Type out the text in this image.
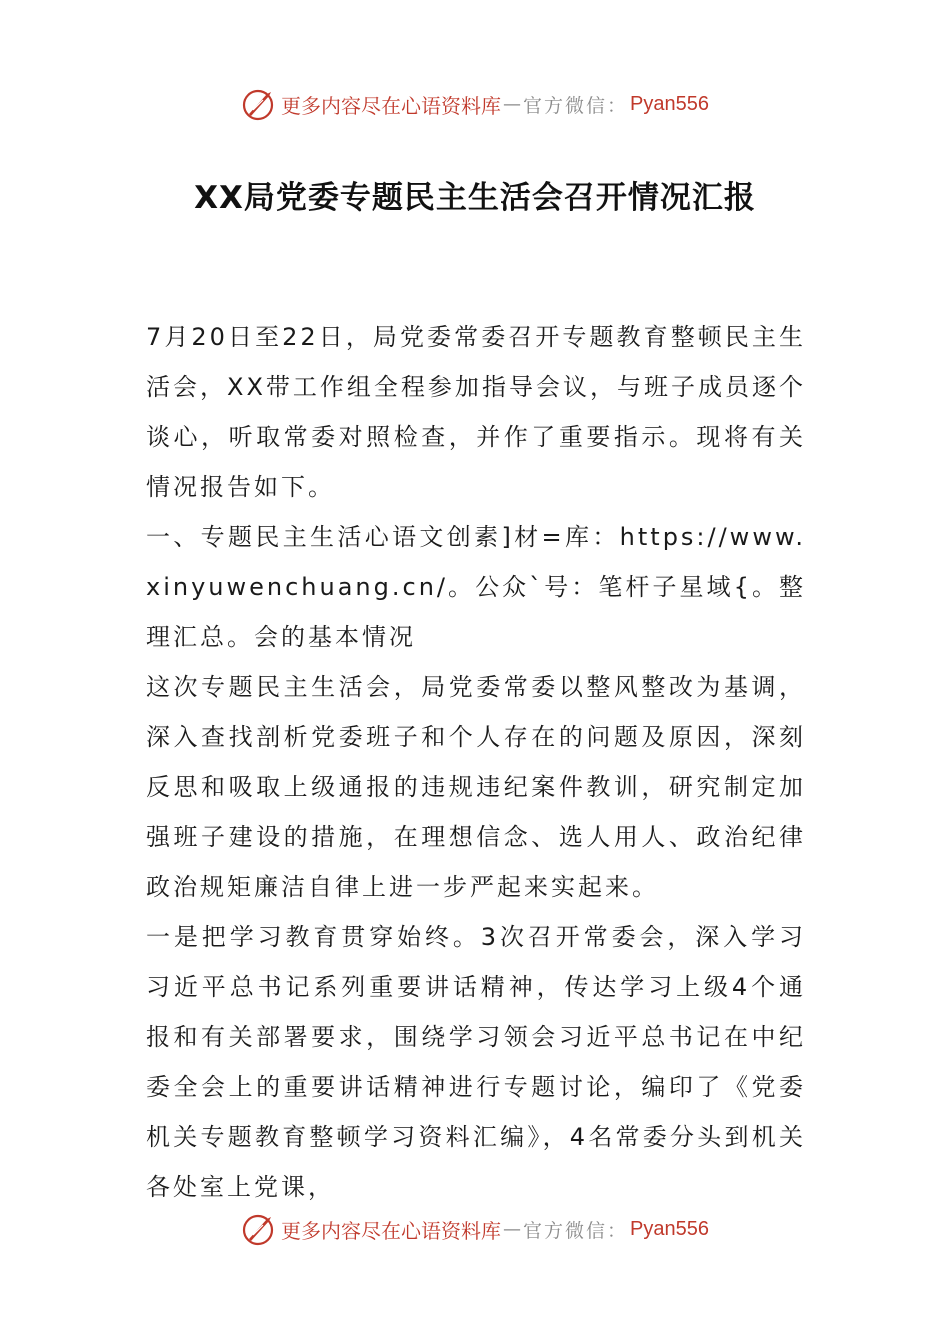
更多内容尽在心语资料库 — 官方微信： Pyan556
XX局党委专题民主生活会召开情况汇报

7月20日至22日，局党委常委召开专题教育整顿民主生活会，XX带工作组全程参加指导会议，与班子成员逐个谈心，听取常委对照检查，并作了重要指示。现将有关情况报告如下。

一、专题民主生活心语文创素]材=库：https://www.xinyuwenchuang.cn/。公众`号：笔杆子星域{。整理汇总。会的基本情况

这次专题民主生活会，局党委常委以整风整改为基调，深入查找剖析党委班子和个人存在的问题及原因，深刻反思和吸取上级通报的违规违纪案件教训，研究制定加强班子建设的措施，在理想信念、选人用人、政治纪律政治规矩廉洁自律上进一步严起来实起来。

一是把学习教育贯穿始终。3次召开常委会，深入学习习近平总书记系列重要讲话精神，传达学习上级4个通报和有关部署要求，围绕学习领会习近平总书记在中纪委全会上的重要讲话精神进行专题讨论，编印了《党委机关专题教育整顿学习资料汇编》，4名常委分头到机关各处室上党课，

更多内容尽在心语资料库 — 官方微信： Pyan556
